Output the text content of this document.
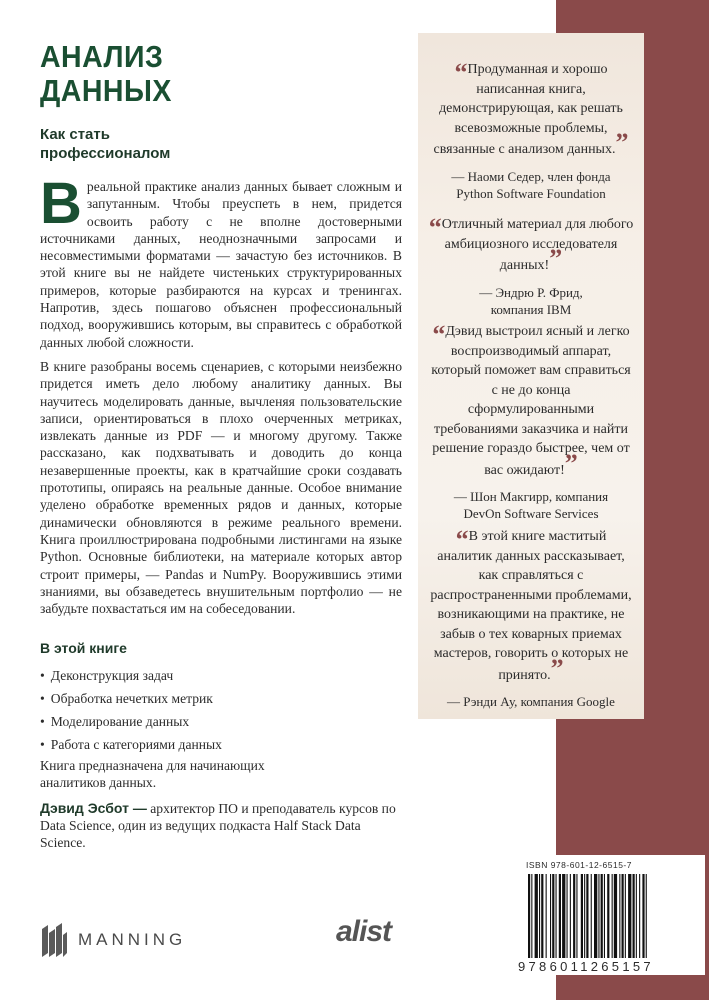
АНАЛИЗ
ДАННЫХ
Как стать
профессионалом

Вреальной практике анализ данных бывает сложным и запутанным. Чтобы преуспеть в нем, придется освоить работу с не вполне достоверными источниками данных, неоднозначными запросами и несовместимыми форматами — зачастую без источников. В этой книге вы не найдете чистеньких структурированных примеров, которые разбираются на курсах и тренингах. Напротив, здесь пошагово объяснен профессиональный подход, вооружившись которым, вы справитесь с обработкой данных любой сложности.

В книге разобраны восемь сценариев, с которыми неизбежно придется иметь дело любому аналитику данных. Вы научитесь моделировать данные, вычленяя пользовательские записи, ориентироваться в плохо очерченных метриках, извлекать данные из PDF — и многому другому. Также рассказано, как подхватывать и доводить до конца незавершенные проекты, как в кратчайшие сроки создавать прототипы, опираясь на реальные данные. Особое внимание уделено обработке временных рядов и данных, которые динамически обновляются в режиме реального времени. Книга проиллюстрирована подробными листингами на языке Python. Основные библиотеки, на материале которых автор строит примеры, — Pandas и NumPy. Вооружившись этими знаниями, вы обзаведетесь внушительным портфолио — не забудьте похвастаться им на собеседовании.

В этой книге
• Деконструкция задач
• Обработка нечетких метрик
• Моделирование данных
• Работа с категориями данных
Книга предназначена для начинающих аналитиков данных.
Дэвид Эсбот — архитектор ПО и преподаватель курсов по Data Science, один из ведущих подкаста Half Stack Data Science.
MANNING	alist
“Продуманная и хорошо написанная книга, демонстрирующая, как решать всевозможные проблемы, связанные с анализом данных.”
— Наоми Седер, член фонда
Python Software Foundation
“Отличный материал для любого амбициозного исследователя данных!”
— Эндрю Р. Фрид,
компания IBM
“Дэвид выстроил ясный и легко воспроизводимый аппарат, который поможет вам справиться с не до конца сформулированными требованиями заказчика и найти решение гораздо быстрее, чем от вас ожидают!”
— Шон Макгирр, компания
DevOn Software Services
“В этой книге маститый аналитик данных рассказывает, как справляться с распространенными проблемами, возникающими на практике, не забыв о тех коварных приемах мастеров, говорить о которых не принято.”
— Рэнди Ау, компания Google
ISBN 978-601-12-6515-7
9786011265157
